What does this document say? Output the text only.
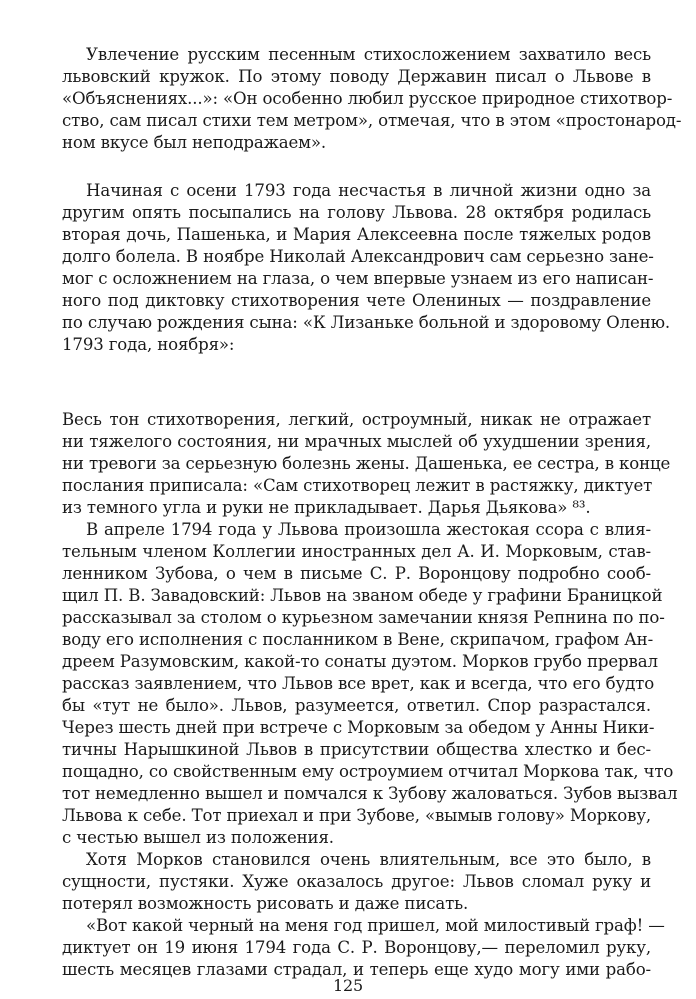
Увлечение русским песенным стихосложением захватило весь
львовский кружок. По этому поводу Державин писал о Львове в
«Объяснениях...»: «Он особенно любил русское природное стихотвор-
ство, сам писал стихи тем метром», отмечая, что в этом «простонарод-
ном вкусе был неподражаем».
Начиная с осени 1793 года несчастья в личной жизни одно за
другим опять посыпались на голову Львова. 28 октября родилась
вторая дочь, Пашенька, и Мария Алексеевна после тяжелых родов
долго болела. В ноябре Николай Александрович сам серьезно зане-
мог с осложнением на глаза, о чем впервые узнаем из его написан-
ного под диктовку стихотворения чете Олениных — поздравление
по случаю рождения сына: «К Лизаньке больной и здоровому Оленю.
1793 года, ноября»:
Весь тон стихотворения, легкий, остроумный, никак не отражает
ни тяжелого состояния, ни мрачных мыслей об ухудшении зрения,
ни тревоги за серьезную болезнь жены. Дашенька, ее сестра, в конце
послания приписала: «Сам стихотворец лежит в растяжку, диктует
из темного угла и руки не прикладывает. Дарья Дьякова» ⁸³.
В апреле 1794 года у Львова произошла жестокая ссора с влия-
тельным членом Коллегии иностранных дел А. И. Морковым, став-
ленником Зубова, о чем в письме С. Р. Воронцову подробно сооб-
щил П. В. Завадовский: Львов на званом обеде у графини Браницкой
рассказывал за столом о курьезном замечании князя Репнина по по-
воду его исполнения с посланником в Вене, скрипачом, графом Ан-
дреем Разумовским, какой-то сонаты дуэтом. Морков грубо прервал
рассказ заявлением, что Львов все врет, как и всегда, что его будто
бы «тут не было». Львов, разумеется, ответил. Спор разрастался.
Через шесть дней при встрече с Морковым за обедом у Анны Ники-
тичны Нарышкиной Львов в присутствии общества хлестко и бес-
пощадно, со свойственным ему остроумием отчитал Моркова так, что
тот немедленно вышел и помчался к Зубову жаловаться. Зубов вызвал
Львова к себе. Тот приехал и при Зубове, «вымыв голову» Моркову,
с честью вышел из положения.
Хотя Морков становился очень влиятельным, все это было, в
сущности, пустяки. Хуже оказалось другое: Львов сломал руку и
потерял возможность рисовать и даже писать.
«Вот какой черный на меня год пришел, мой милостивый граф! —
диктует он 19 июня 1794 года С. Р. Воронцову,— переломил руку,
шесть месяцев глазами страдал, и теперь еще худо могу ими рабо-
125
